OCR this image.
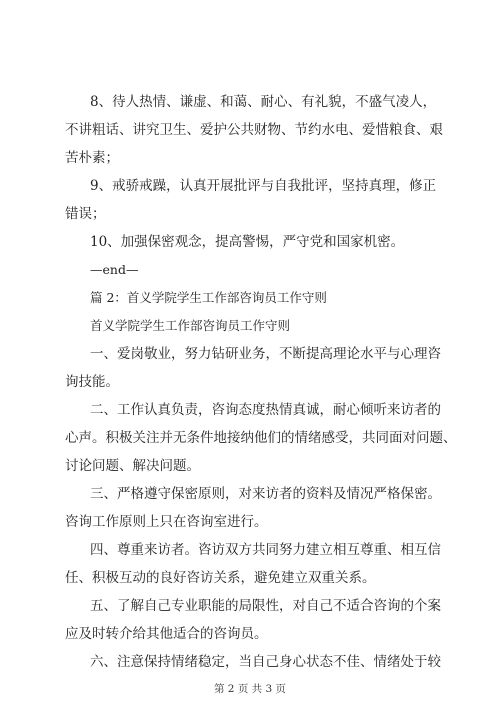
8、待人热情、谦虚、和蔼、耐心、有礼貌，不盛气凌人，

不讲粗话、讲究卫生、爱护公共财物、节约水电、爱惜粮食、艰

苦朴素；

9、戒骄戒躁，认真开展批评与自我批评，坚持真理，修正

错误；

10、加强保密观念，提高警惕，严守党和国家机密。

—end—

篇 2：首义学院学生工作部咨询员工作守则

首义学院学生工作部咨询员工作守则

一、爱岗敬业，努力钻研业务，不断提高理论水平与心理咨

询技能。

二、工作认真负责，咨询态度热情真诚，耐心倾听来访者的

心声。积极关注并无条件地接纳他们的情绪感受，共同面对问题、

讨论问题、解决问题。

三、严格遵守保密原则，对来访者的资料及情况严格保密。

咨询工作原则上只在咨询室进行。

四、尊重来访者。咨访双方共同努力建立相互尊重、相互信

任、积极互动的良好咨访关系，避免建立双重关系。

五、了解自己专业职能的局限性，对自己不适合咨询的个案

应及时转介给其他适合的咨询员。

六、注意保持情绪稳定，当自己身心状态不佳、情绪处于较

第 2 页 共 3 页
